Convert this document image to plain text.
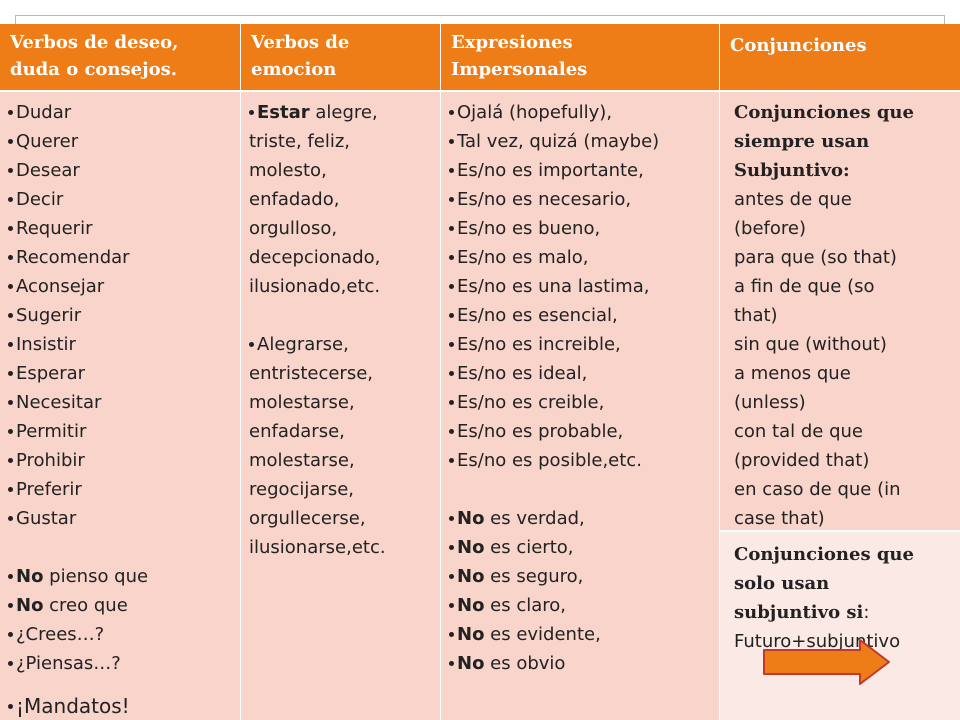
Verbos de deseo, duda o consejos.
Verbos de emocion
Expresiones Impersonales
Conjunciones
Dudar
Querer
Desear
Decir
Requerir
Recomendar
Aconsejar
Sugerir
Insistir
Esperar
Necesitar
Permitir
Prohibir
Preferir
Gustar
No pienso que
No creo que
¿Crees…?
¿Piensas…?
¡Mandatos!
Estar alegre,
triste, feliz,
molesto,
enfadado,
orgulloso,
decepcionado,
ilusionado,etc.
Alegrarse,
entristecerse,
molestarse,
enfadarse,
molestarse,
regocijarse,
orgullecerse,
ilusionarse,etc.
Ojalá (hopefully),
Tal vez, quizá (maybe)
Es/no es importante,
Es/no es necesario,
Es/no es bueno,
Es/no es malo,
Es/no es una lastima,
Es/no es esencial,
Es/no es increible,
Es/no es ideal,
Es/no es creible,
Es/no es probable,
Es/no es posible,etc.
No es verdad,
No es cierto,
No es seguro,
No es claro,
No es evidente,
No es obvio
Conjunciones que
siempre usan
Subjuntivo:
antes de que
(before)
para que (so that)
a fin de que (so
that)
sin que (without)
a menos que
(unless)
con tal de que
(provided that)
en caso de que (in
case that)
Conjunciones que
solo usan
subjuntivo si:
Futuro+subjuntivo
